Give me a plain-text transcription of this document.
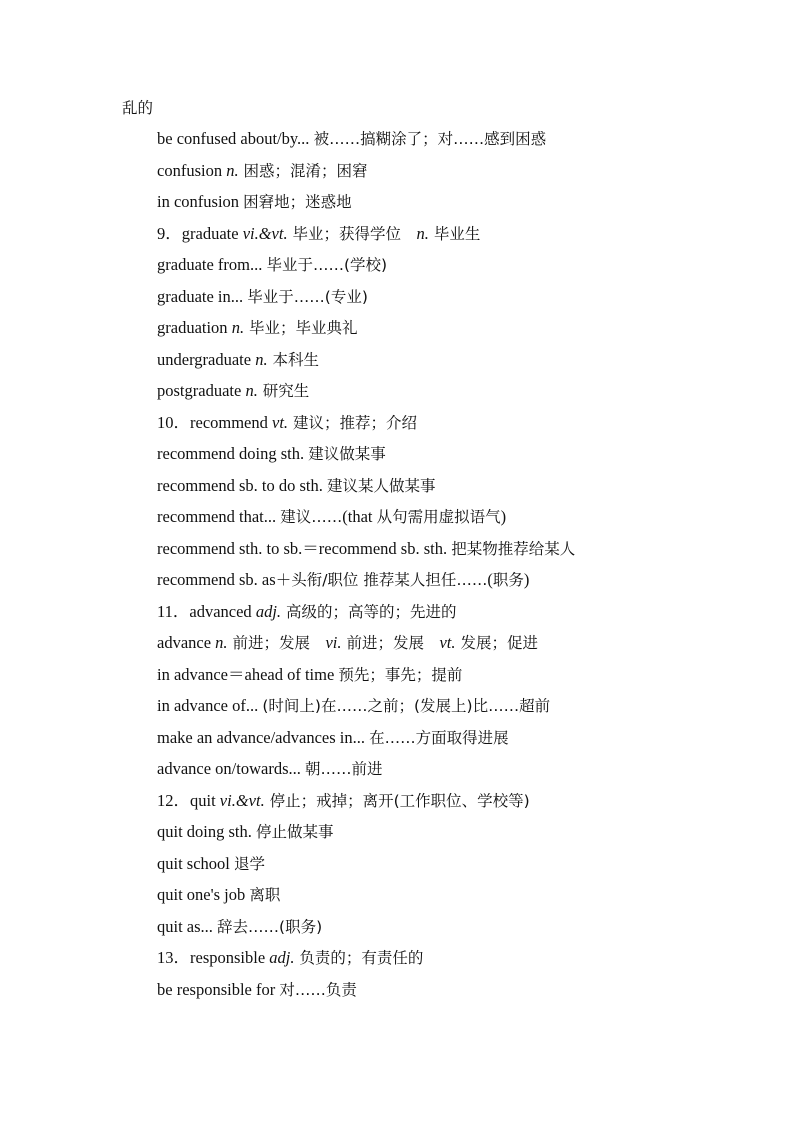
乱的
be confused about/by... 被……搞糊涂了；对……感到困惑
confusion n. 困惑；混淆；困窘
in confusion 困窘地；迷惑地
9．graduate vi.&vt. 毕业；获得学位　n. 毕业生
graduate from... 毕业于……(学校)
graduate in... 毕业于……(专业)
graduation n. 毕业；毕业典礼
undergraduate n. 本科生
postgraduate n. 研究生
10．recommend vt. 建议；推荐；介绍
recommend doing sth. 建议做某事
recommend sb. to do sth. 建议某人做某事
recommend that... 建议……(that 从句需用虚拟语气)
recommend sth. to sb.＝recommend sb. sth. 把某物推荐给某人
recommend sb. as＋头衔/职位 推荐某人担任……(职务)
11．advanced adj. 高级的；高等的；先进的
advance n. 前进；发展　vi. 前进；发展　vt. 发展；促进
in advance＝ahead of time 预先；事先；提前
in advance of... (时间上)在……之前；(发展上)比……超前
make an advance/advances in... 在……方面取得进展
advance on/towards... 朝……前进
12．quit vi.&vt. 停止；戒掉；离开(工作职位、学校等)
quit doing sth. 停止做某事
quit school 退学
quit one's job 离职
quit as... 辞去……(职务)
13．responsible adj. 负责的；有责任的
be responsible for 对……负责
